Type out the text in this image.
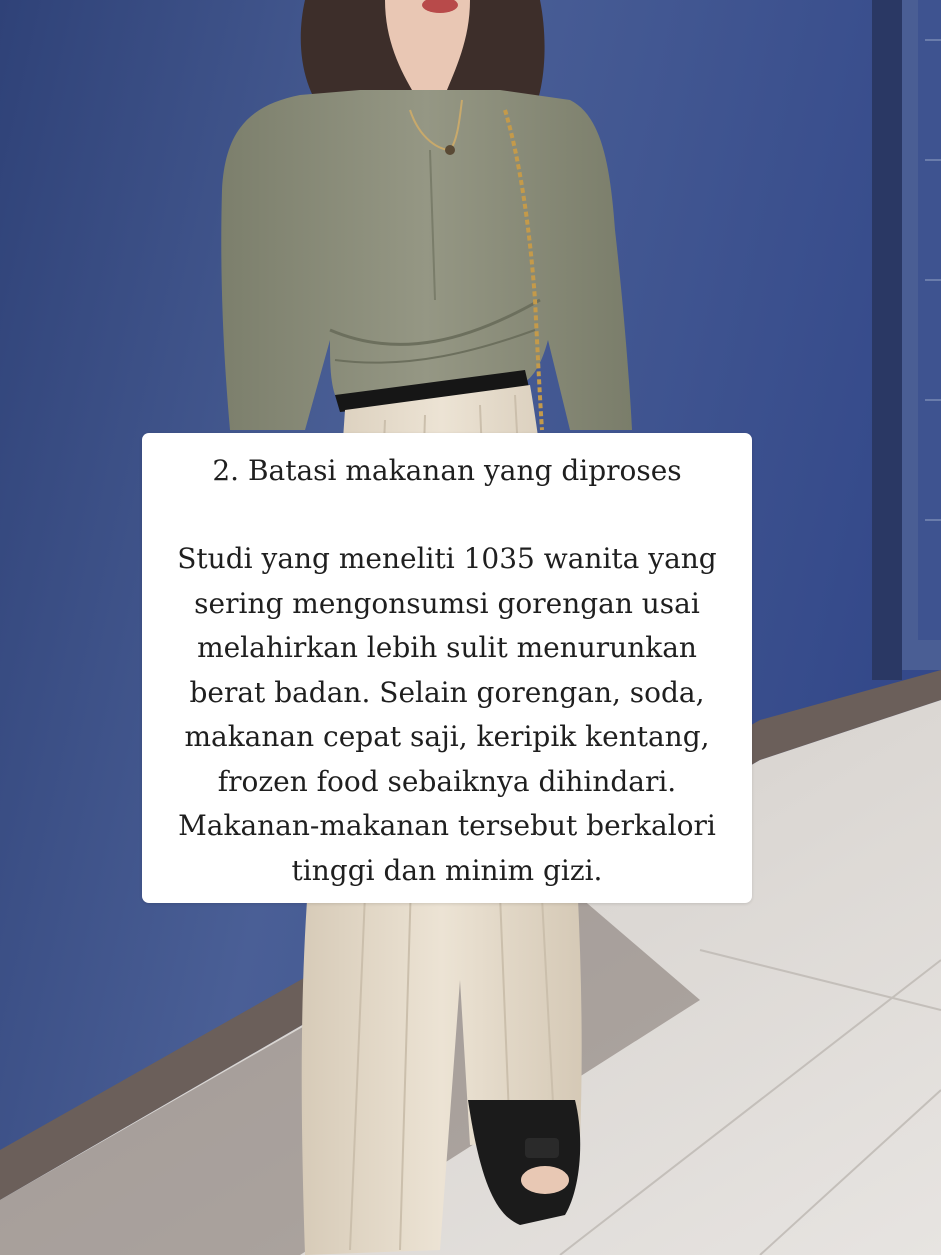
2. Batasi makanan yang diproses
Studi yang meneliti 1035 wanita yang
sering mengonsumsi gorengan usai
melahirkan lebih sulit menurunkan
berat badan. Selain gorengan, soda,
makanan cepat saji, keripik kentang,
frozen food sebaiknya dihindari.
Makanan-makanan tersebut berkalori
tinggi dan minim gizi.
